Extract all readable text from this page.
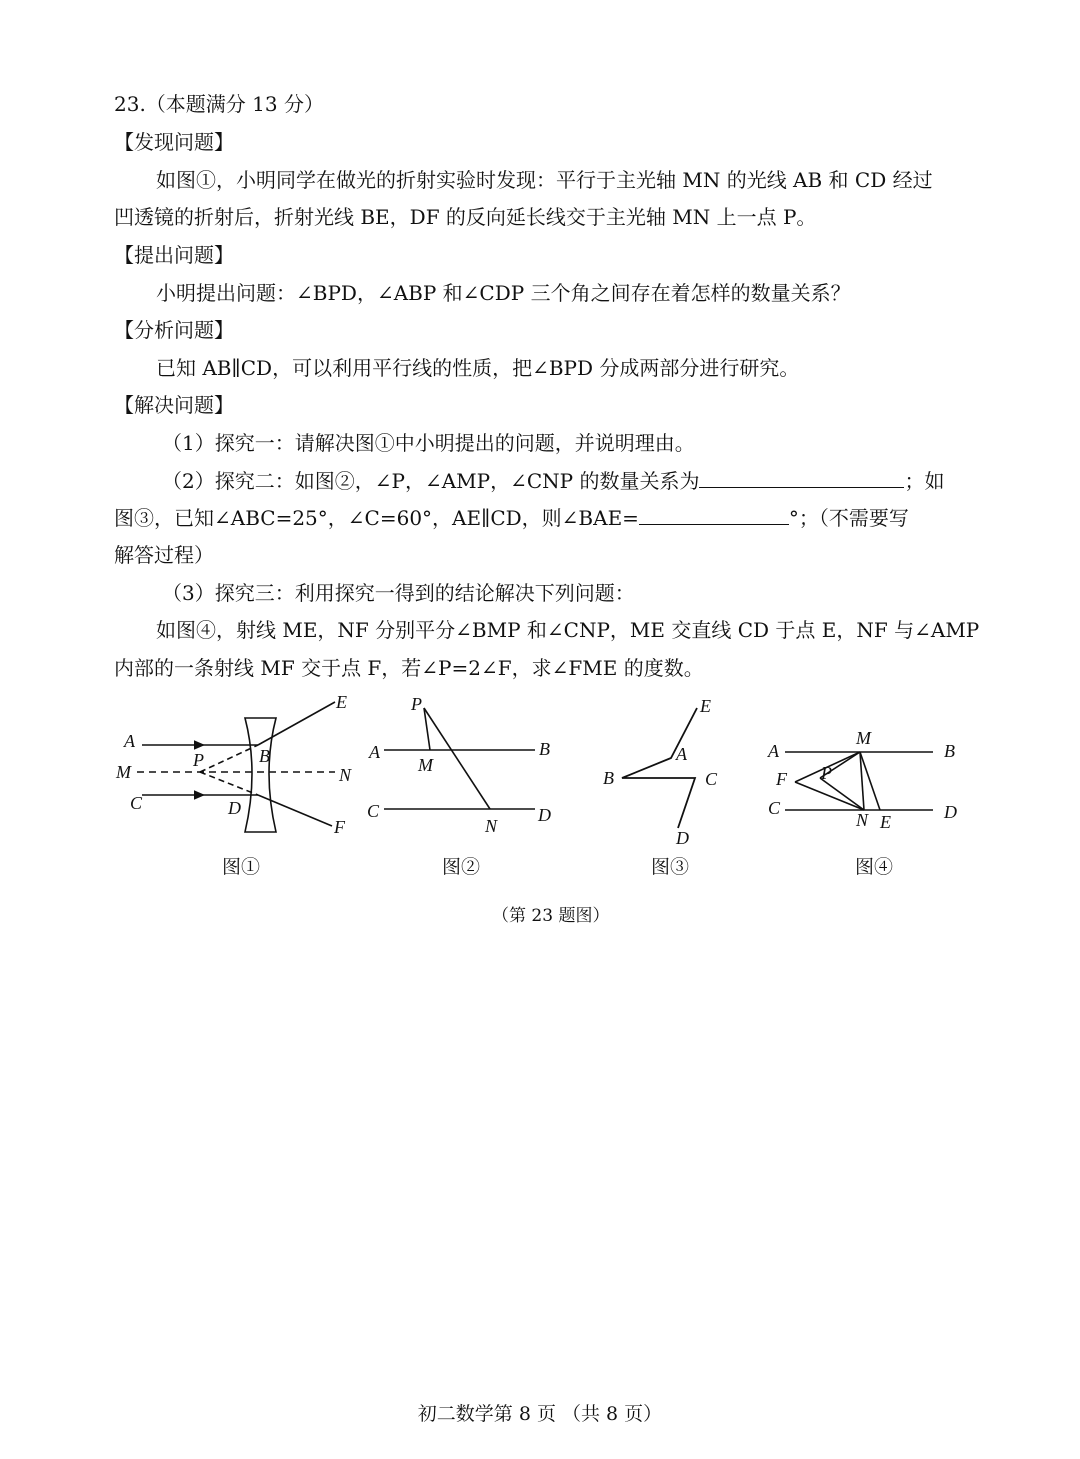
23.（本题满分 13 分）
【发现问题】
如图①，小明同学在做光的折射实验时发现：平行于主光轴 MN 的光线 AB 和 CD 经过
凹透镜的折射后，折射光线 BE，DF 的反向延长线交于主光轴 MN 上一点 P。
【提出问题】
小明提出问题：∠BPD，∠ABP 和∠CDP 三个角之间存在着怎样的数量关系？
【分析问题】
已知 AB∥CD，可以利用平行线的性质，把∠BPD 分成两部分进行研究。
【解决问题】
（1）探究一：请解决图①中小明提出的问题，并说明理由。
（2）探究二：如图②，∠P，∠AMP，∠CNP 的数量关系为	；如
图③，已知∠ABC=25°，∠C=60°，AE∥CD，则∠BAE=	°；（不需要写
解答过程）
（3）探究三：利用探究一得到的结论解决下列问题：
如图④，射线 ME，NF 分别平分∠BMP 和∠CNP，ME 交直线 CD 于点 E，NF 与∠AMP
内部的一条射线 MF 交于点 F，若∠P=2∠F，求∠FME 的度数。
A
M
C
P	B
D
E
N
F
P
A
M
B
C
N
D
E
A
B	C
D
A
M
B
F P
C
N E	D
图①	图②	图③	图④
（第 23 题图）
初二数学第 8 页 （共 8 页）
